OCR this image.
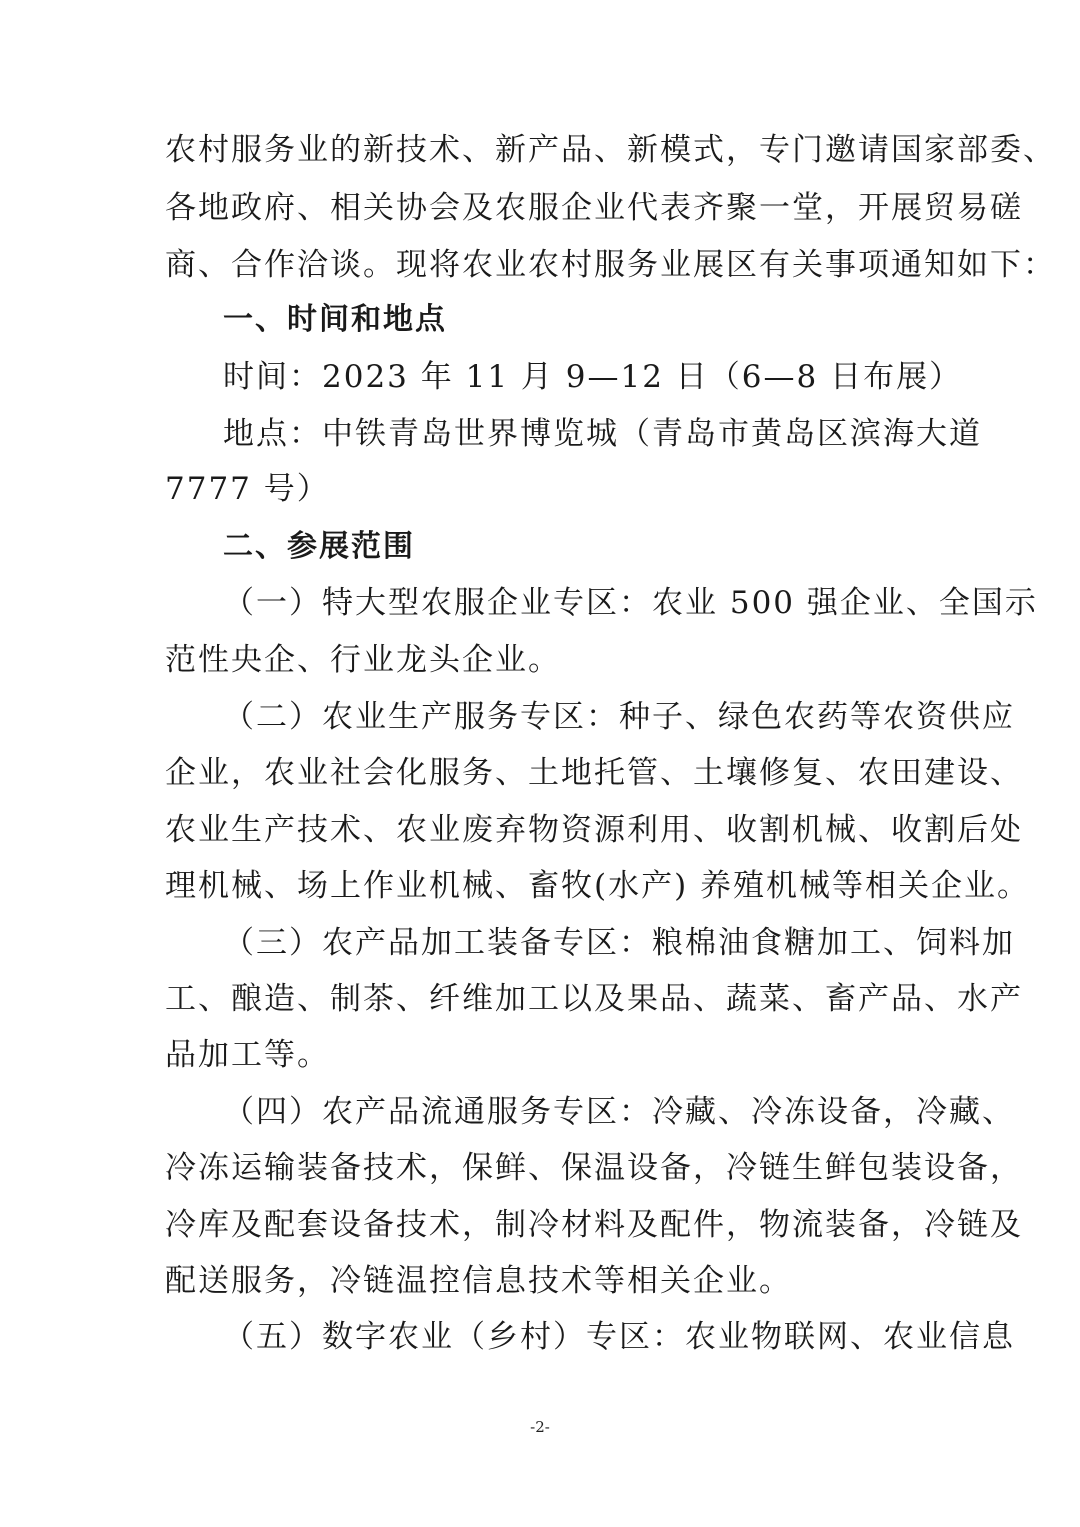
农村服务业的新技术、新产品、新模式，专门邀请国家部委、
各地政府、相关协会及农服企业代表齐聚一堂，开展贸易磋
商、合作洽谈。现将农业农村服务业展区有关事项通知如下：
一、时间和地点
时间：2023 年 11 月 9—12 日（6—8 日布展）
地点：中铁青岛世界博览城（青岛市黄岛区滨海大道
7777 号）
二、参展范围
（一）特大型农服企业专区：农业 500 强企业、全国示
范性央企、行业龙头企业。
（二）农业生产服务专区：种子、绿色农药等农资供应
企业，农业社会化服务、土地托管、土壤修复、农田建设、
农业生产技术、农业废弃物资源利用、收割机械、收割后处
理机械、场上作业机械、畜牧(水产) 养殖机械等相关企业。
（三）农产品加工装备专区：粮棉油食糖加工、饲料加
工、酿造、制茶、纤维加工以及果品、蔬菜、畜产品、水产
品加工等。
（四）农产品流通服务专区：冷藏、冷冻设备，冷藏、
冷冻运输装备技术，保鲜、保温设备，冷链生鲜包装设备，
冷库及配套设备技术，制冷材料及配件，物流装备，冷链及
配送服务，冷链温控信息技术等相关企业。
（五）数字农业（乡村）专区：农业物联网、农业信息
-2-
